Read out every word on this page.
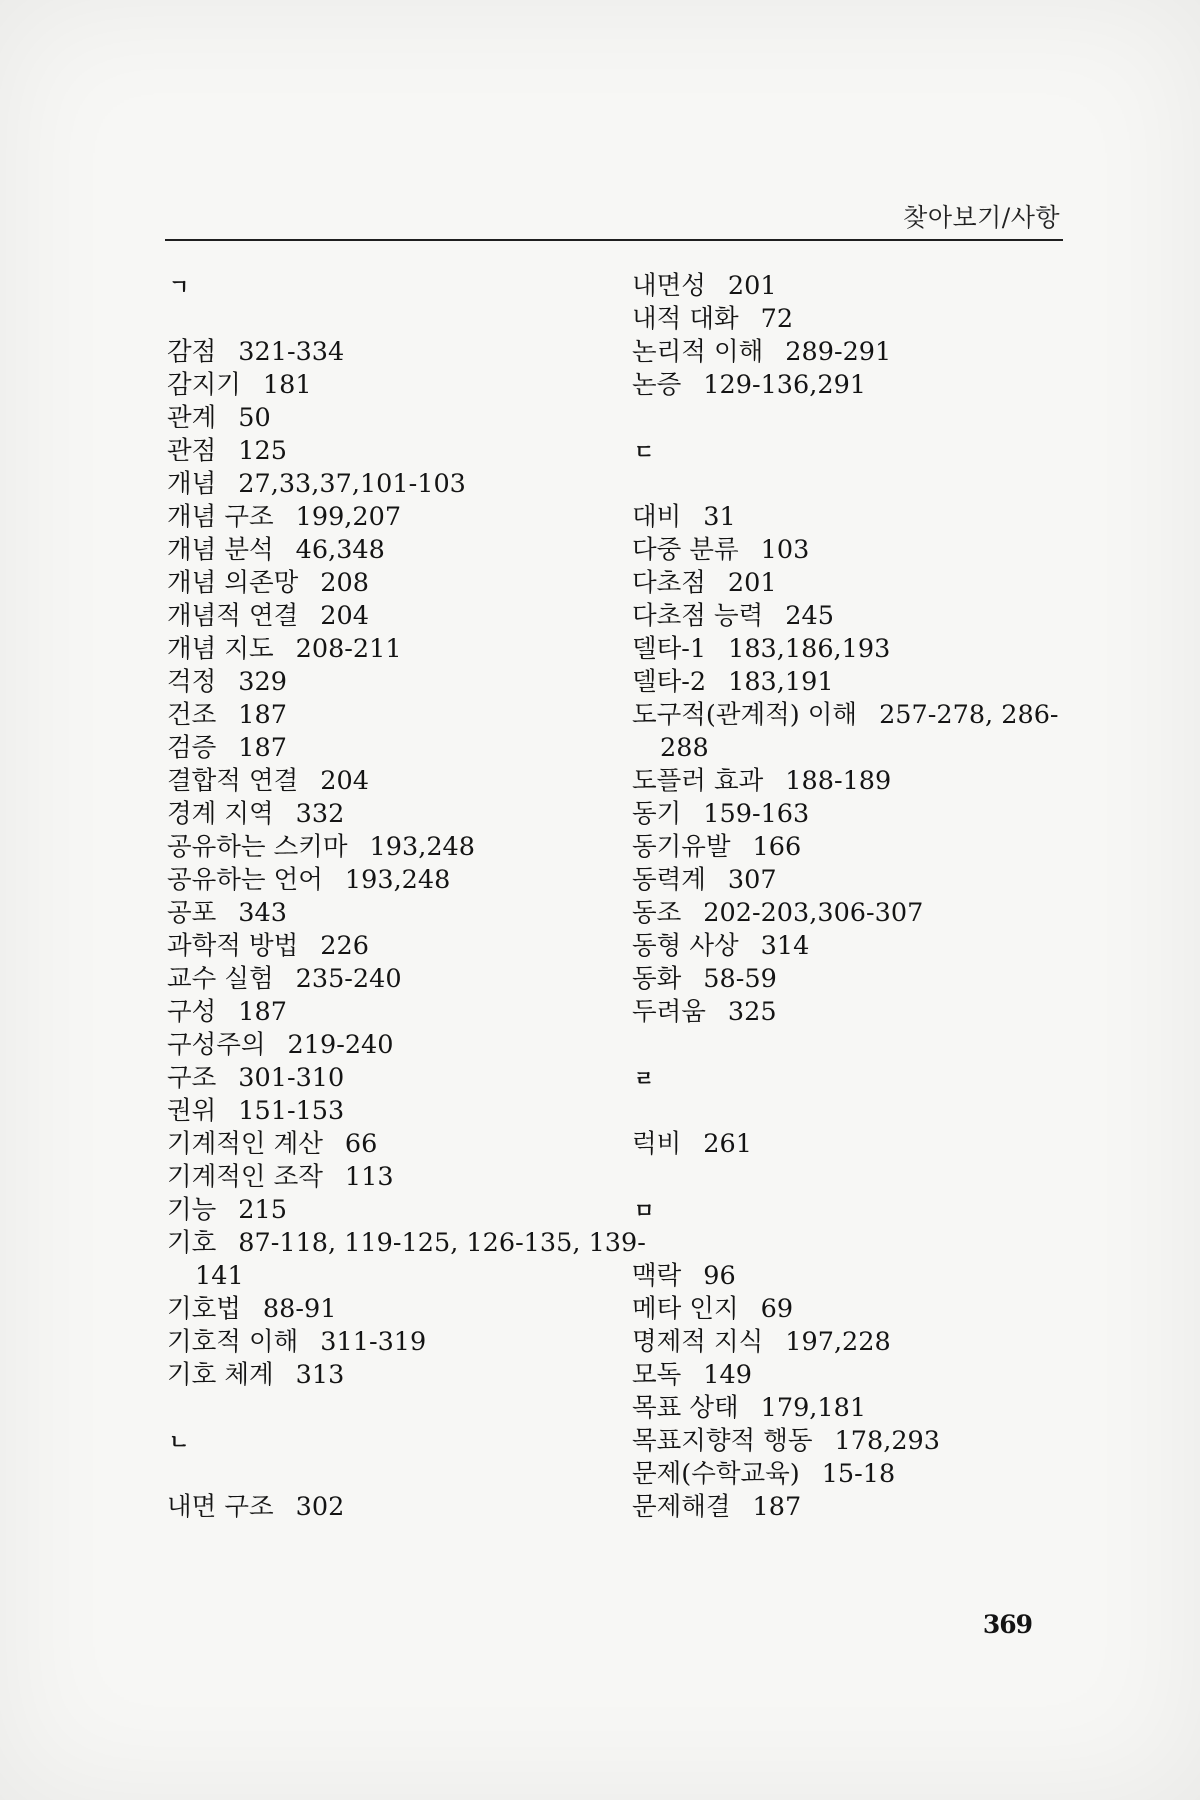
찾아보기/사항
ㄱ
감점 321-334
감지기 181
관계 50
관점 125
개념 27,33,37,101-103
개념 구조 199,207
개념 분석 46,348
개념 의존망 208
개념적 연결 204
개념 지도 208-211
걱정 329
건조 187
검증 187
결합적 연결 204
경계 지역 332
공유하는 스키마 193,248
공유하는 언어 193,248
공포 343
과학적 방법 226
교수 실험 235-240
구성 187
구성주의 219-240
구조 301-310
권위 151-153
기계적인 계산 66
기계적인 조작 113
기능 215
기호 87-118, 119-125, 126-135, 139-
141
기호법 88-91
기호적 이해 311-319
기호 체계 313
ㄴ
내면 구조 302
내면성 201
내적 대화 72
논리적 이해 289-291
논증 129-136,291
ㄷ
대비 31
다중 분류 103
다초점 201
다초점 능력 245
델타-1 183,186,193
델타-2 183,191
도구적(관계적) 이해 257-278, 286-
288
도플러 효과 188-189
동기 159-163
동기유발 166
동력계 307
동조 202-203,306-307
동형 사상 314
동화 58-59
두려움 325
ㄹ
럭비 261
ㅁ
맥락 96
메타 인지 69
명제적 지식 197,228
모독 149
목표 상태 179,181
목표지향적 행동 178,293
문제(수학교육) 15-18
문제해결 187
369
